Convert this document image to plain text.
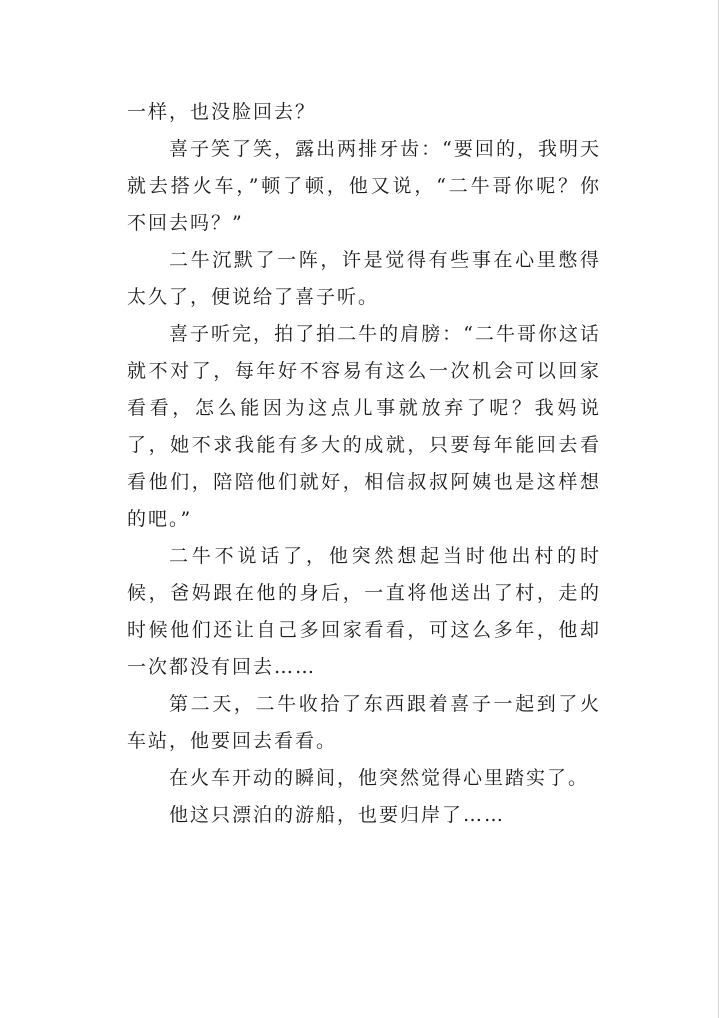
一样，也没脸回去？

喜子笑了笑，露出两排牙齿：“要回的，我明天就去搭火车，”顿了顿，他又说，“二牛哥你呢？你不回去吗？”

二牛沉默了一阵，许是觉得有些事在心里憋得太久了，便说给了喜子听。

喜子听完，拍了拍二牛的肩膀：“二牛哥你这话就不对了，每年好不容易有这么一次机会可以回家看看，怎么能因为这点儿事就放弃了呢？我妈说了，她不求我能有多大的成就，只要每年能回去看看他们，陪陪他们就好，相信叔叔阿姨也是这样想的吧。”

二牛不说话了，他突然想起当时他出村的时候，爸妈跟在他的身后，一直将他送出了村，走的时候他们还让自己多回家看看，可这么多年，他却一次都没有回去……

第二天，二牛收拾了东西跟着喜子一起到了火车站，他要回去看看。

在火车开动的瞬间，他突然觉得心里踏实了。

他这只漂泊的游船，也要归岸了……
